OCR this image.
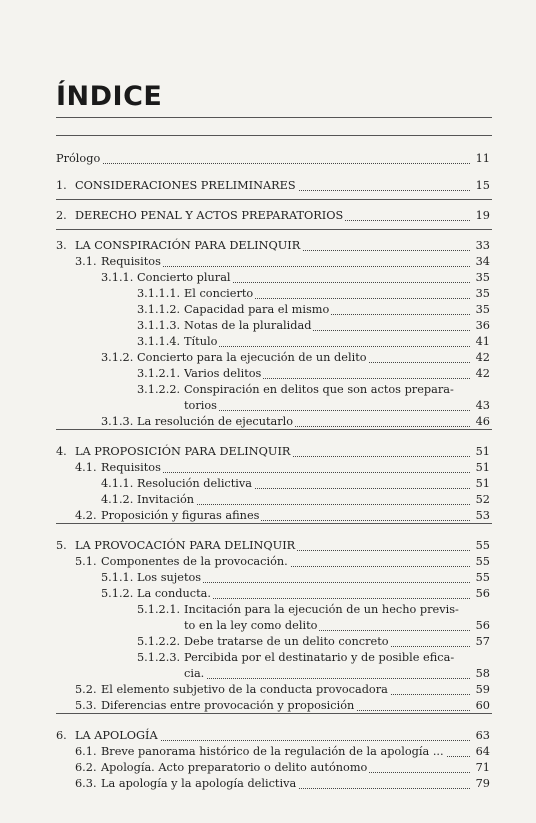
ÍNDICE
Prólogo	11
1. CONSIDERACIONES PRELIMINARES	15
2. DERECHO PENAL Y ACTOS PREPARATORIOS	19
3. LA CONSPIRACIÓN PARA DELINQUIR	33
3.1. Requisitos	34
3.1.1. Concierto plural	35
3.1.1.1. El concierto	35
3.1.1.2. Capacidad para el mismo	35
3.1.1.3. Notas de la pluralidad	36
3.1.1.4. Título	41
3.1.2. Concierto para la ejecución de un delito	42
3.1.2.1. Varios delitos	42
3.1.2.2. Conspiración en delitos que son actos prepara-
torios	43
3.1.3. La resolución de ejecutarlo	46
4. LA PROPOSICIÓN PARA DELINQUIR	51
4.1. Requisitos	51
4.1.1. Resolución delictiva	51
4.1.2. Invitación	52
4.2. Proposición y figuras afines	53
5. LA PROVOCACIÓN PARA DELINQUIR	55
5.1. Componentes de la provocación.	55
5.1.1. Los sujetos	55
5.1.2. La conducta.	56
5.1.2.1. Incitación para la ejecución de un hecho previs-
to en la ley como delito	56
5.1.2.2. Debe tratarse de un delito concreto	57
5.1.2.3. Percibida por el destinatario y de posible efica-
cia.	58
5.2. El elemento subjetivo de la conducta provocadora	59
5.3. Diferencias entre provocación y proposición	60
6. LA APOLOGÍA	63
6.1. Breve panorama histórico de la regulación de la apología ...	64
6.2. Apología. Acto preparatorio o delito autónomo	71
6.3. La apología y la apología delictiva	79
